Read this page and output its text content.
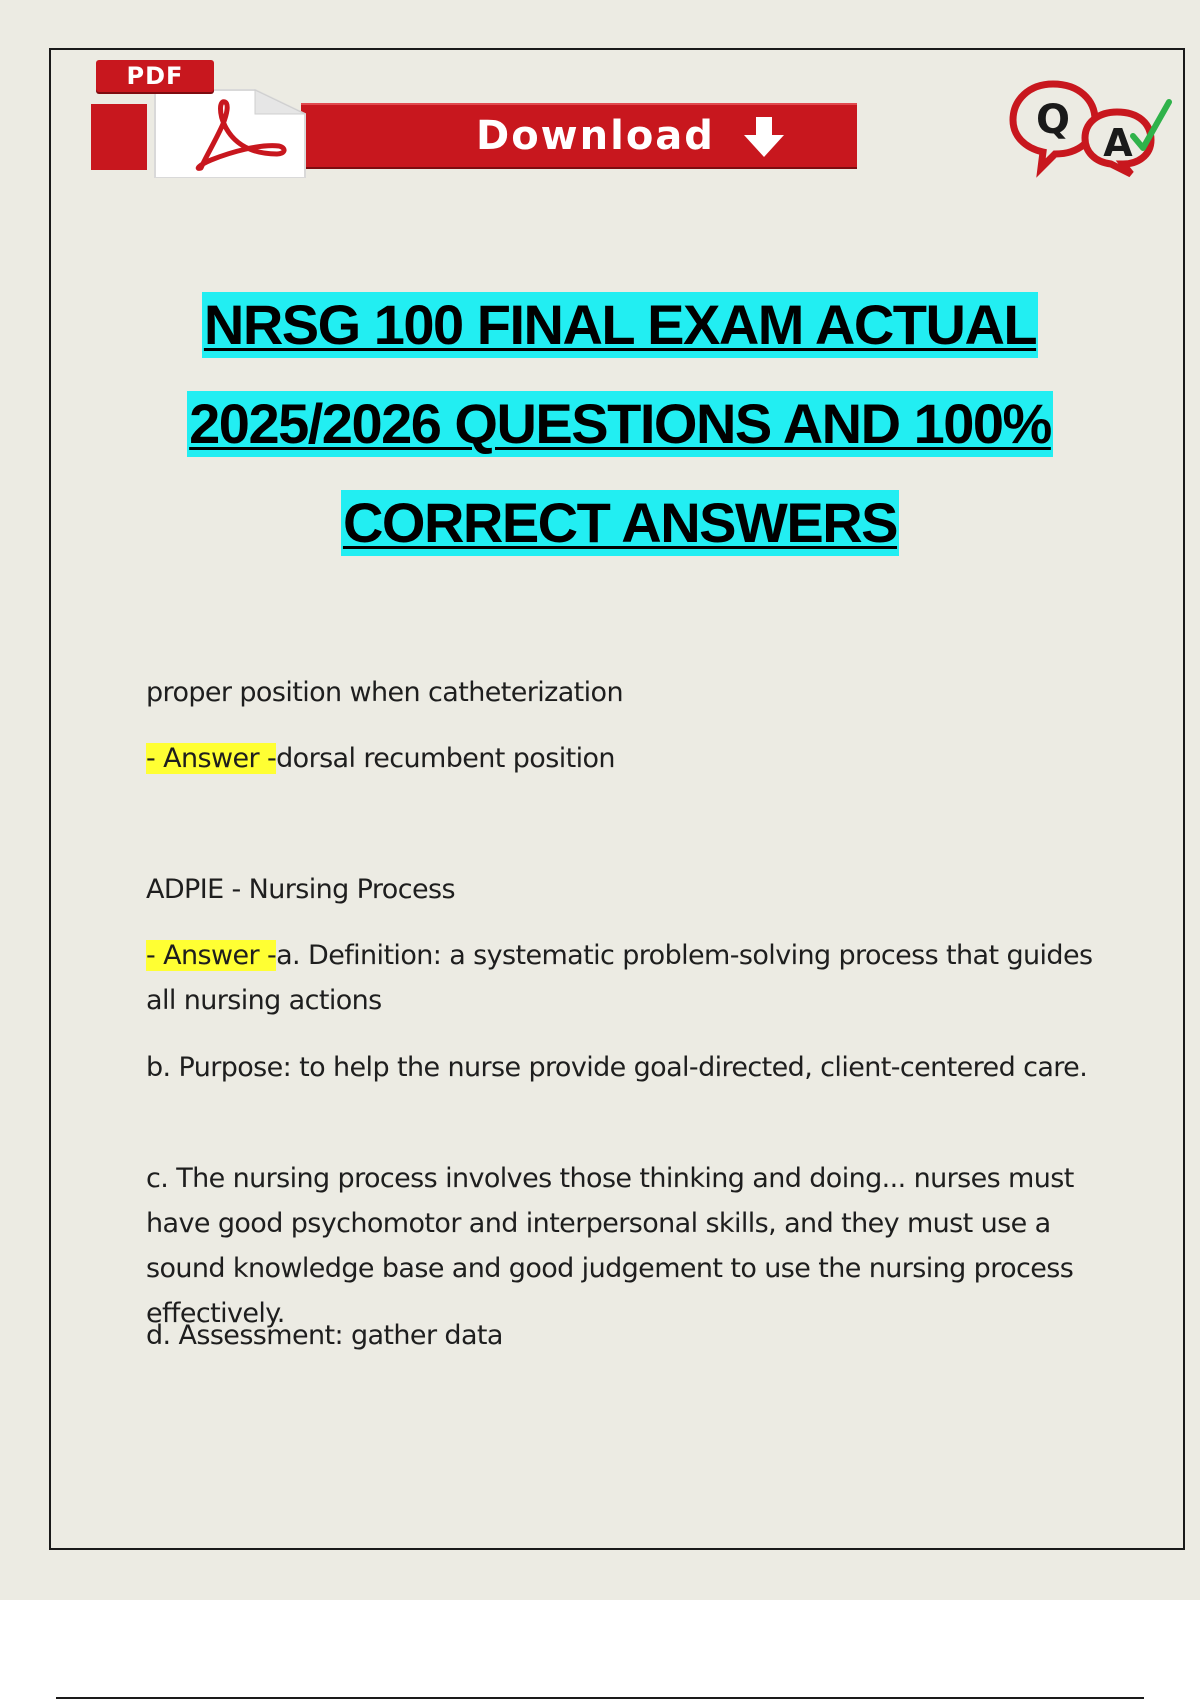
Download
PDF
Q A
NRSG 100 FINAL EXAM ACTUAL
2025/2026 QUESTIONS AND 100%
CORRECT ANSWERS

proper position when catheterization

- Answer -dorsal recumbent position

ADPIE - Nursing Process

- Answer -a. Definition: a systematic problem-solving process that guides all nursing actions

b. Purpose: to help the nurse provide goal-directed, client-centered care.

c. The nursing process involves those thinking and doing... nurses must have good psychomotor and interpersonal skills, and they must use a sound knowledge base and good judgement to use the nursing process effectively.

d. Assessment: gather data
